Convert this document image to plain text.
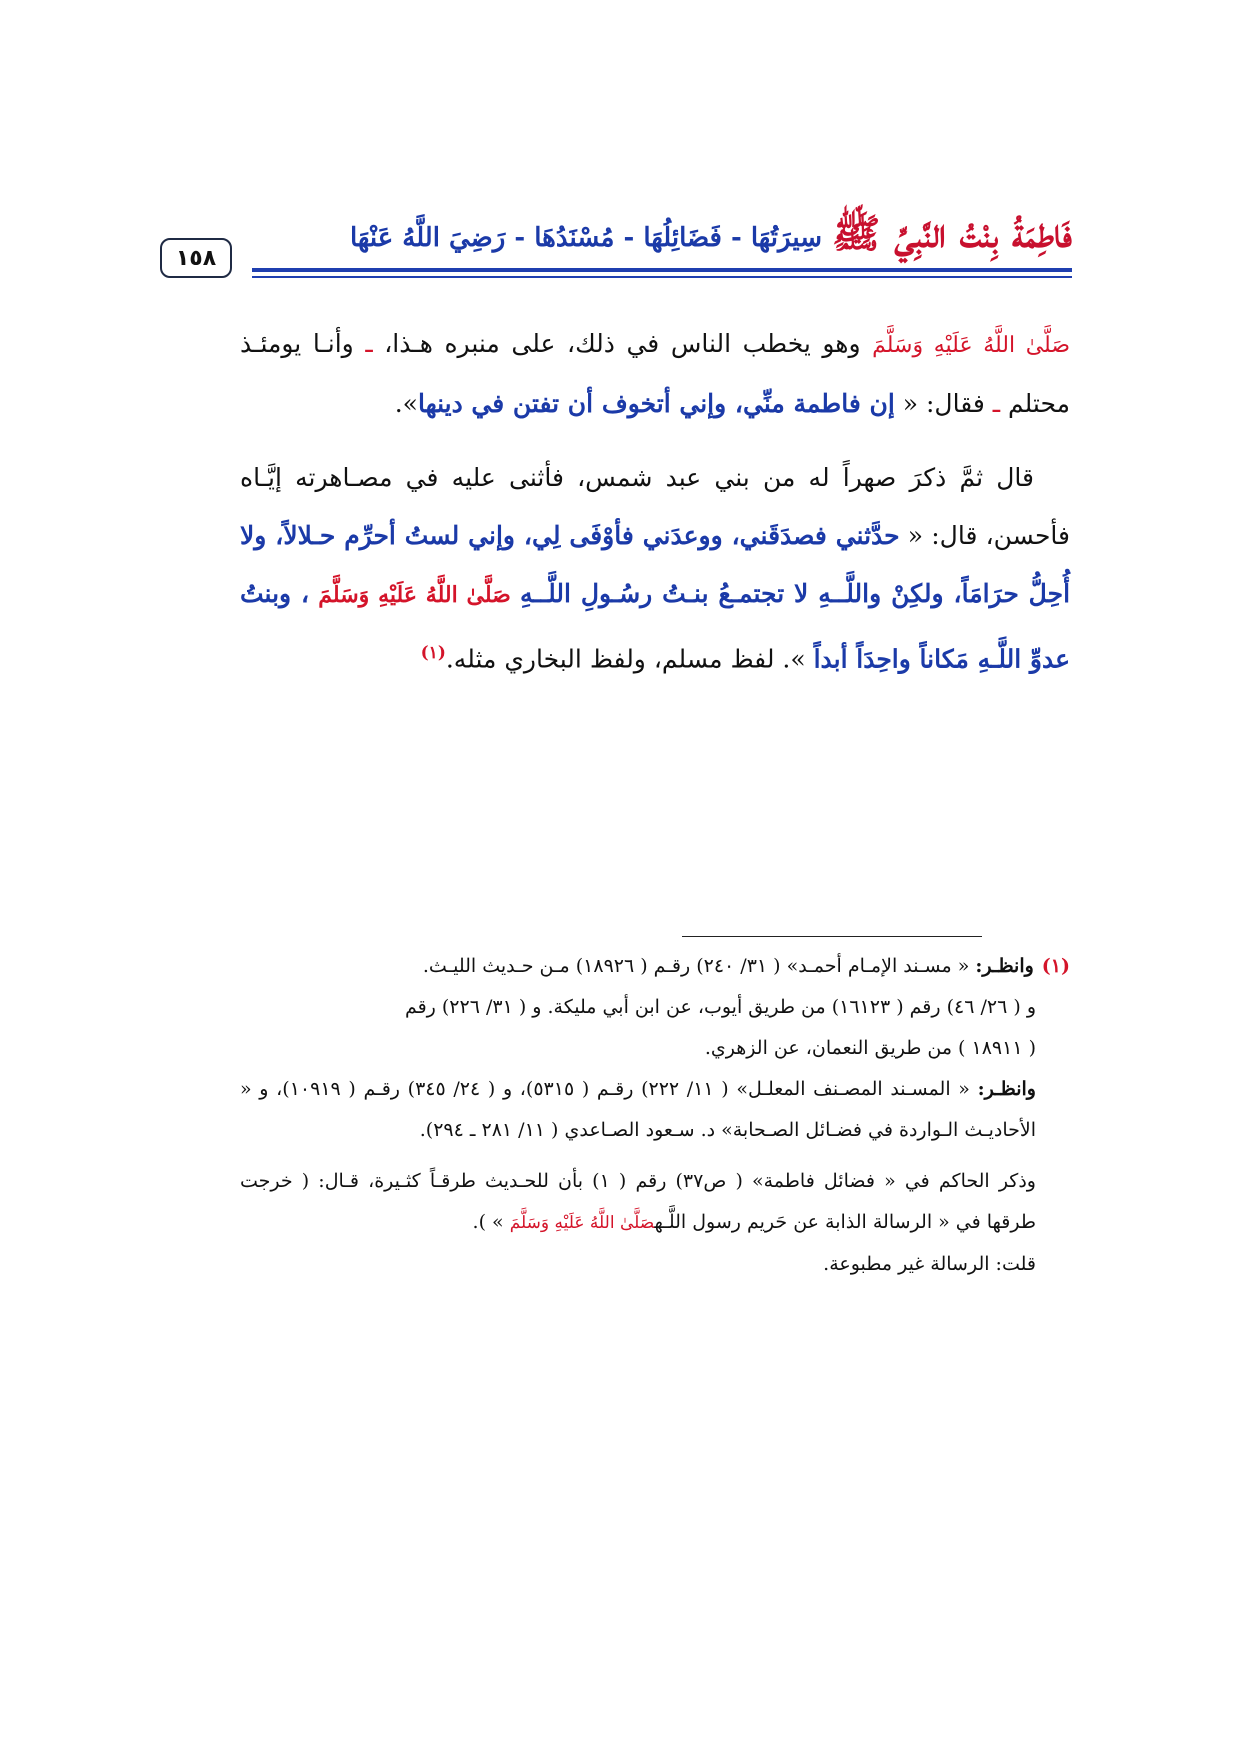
١٥٨
فَاطِمَةُ بِنْتُ النَّبِيِّ ﷺ
سِيرَتُهَا - فَضَائِلُهَا - مُسْنَدُهَا - رَضِيَ اللَّهُ عَنْهَا

صَلَّىٰ اللَّهُ عَلَيْهِ وَسَلَّمَ وهو يخطب الناس في ذلك، على منبره هـذا، ـ وأنـا يومئـذ محتلم ـ فقال: « إن فاطمة منِّي، وإني أتخوف أن تفتن في دينها».

قال ثمَّ ذكرَ صهراً له من بني عبد شمس، فأثنى عليه في مصـاهرته إيَّـاه فأحسن، قال: « حدَّثني فصدَقَني، ووعدَني فأوْفَى لِي، وإني لستُ أحرِّم حـلالاً، ولا أُحِلُّ حرَامَاً، ولكِنْ واللَّــهِ لا تجتمـعُ بنـتُ رسُـولِ اللَّــهِ صَلَّىٰ اللَّهُ عَلَيْهِ وَسَلَّمَ ، وبنتُ عدوِّ اللَّـهِ مَكاناً واحِدَاً أبداً ». لفظ مسلم، ولفظ البخاري مثله.$^{(١)}$

(١)وانظـر: « مسـند الإمـام أحمـد» ( ٣١/ ٢٤٠) رقـم ( ١٨٩٢٦) مـن حـديث الليـث.

و ( ٢٦/ ٤٦) رقم ( ١٦١٢٣) من طريق أيوب، عن ابن أبي مليكة. و ( ٣١/ ٢٢٦) رقم

( ١٨٩١١ ) من طريق النعمان، عن الزهري.

وانظـر: « المسـند المصـنف المعلـل» ( ١١/ ٢٢٢) رقـم ( ٥٣١٥)، و ( ٢٤/ ٣٤٥) رقـم ( ١٠٩١٩)، و « الأحاديـث الـواردة في فضـائل الصـحابة» د. سـعود الصـاعدي ( ١١/ ٢٨١ ـ ٢٩٤).

وذكر الحاكم في « فضائل فاطمة» ( ص٣٧) رقم ( ١) بأن للحـديث طرقـاً كثـيرة، قـال: ( خرجت طرقها في « الرسالة الذابة عن حَريم رسول اللَّـهصَلَّىٰ اللَّهُ عَلَيْهِ وَسَلَّمَ » ).

قلت: الرسالة غير مطبوعة.
